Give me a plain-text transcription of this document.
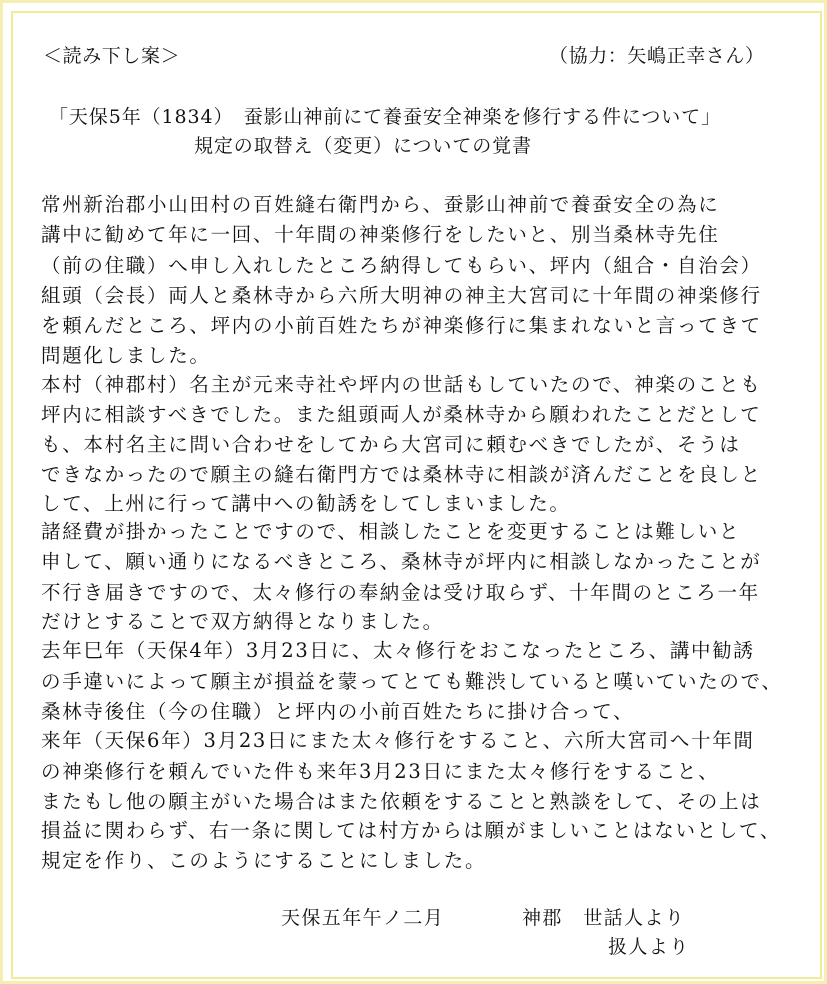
＜読み下し案＞	（協力：矢嶋正幸さん）
「天保5年（1834）　蚕影山神前にて養蚕安全神楽を修行する件について」
規定の取替え（変更）についての覚書
常州新治郡小山田村の百姓縫右衛門から、蚕影山神前で養蚕安全の為に
講中に勧めて年に一回、十年間の神楽修行をしたいと、別当桑林寺先住
（前の住職）へ申し入れしたところ納得してもらい、坪内（組合・自治会）
組頭（会長）両人と桑林寺から六所大明神の神主大宮司に十年間の神楽修行
を頼んだところ、坪内の小前百姓たちが神楽修行に集まれないと言ってきて
問題化しました。
本村（神郡村）名主が元来寺社や坪内の世話もしていたので、神楽のことも
坪内に相談すべきでした。また組頭両人が桑林寺から願われたことだとして
も、本村名主に問い合わせをしてから大宮司に頼むべきでしたが、そうは
できなかったので願主の縫右衛門方では桑林寺に相談が済んだことを良しと
して、上州に行って講中への勧誘をしてしまいました。
諸経費が掛かったことですので、相談したことを変更することは難しいと
申して、願い通りになるべきところ、桑林寺が坪内に相談しなかったことが
不行き届きですので、太々修行の奉納金は受け取らず、十年間のところ一年
だけとすることで双方納得となりました。
去年巳年（天保4年）3月23日に、太々修行をおこなったところ、講中勧誘
の手違いによって願主が損益を蒙ってとても難渋していると嘆いていたので、
桑林寺後住（今の住職）と坪内の小前百姓たちに掛け合って、
来年（天保6年）3月23日にまた太々修行をすること、六所大宮司へ十年間
の神楽修行を頼んでいた件も来年3月23日にまた太々修行をすること、
またもし他の願主がいた場合はまた依頼をすることと熟談をして、その上は
損益に関わらず、右一条に関しては村方からは願がましいことはないとして、
規定を作り、このようにすることにしました。
天保五年午ノ二月	神郡　世話人より
扱人より
